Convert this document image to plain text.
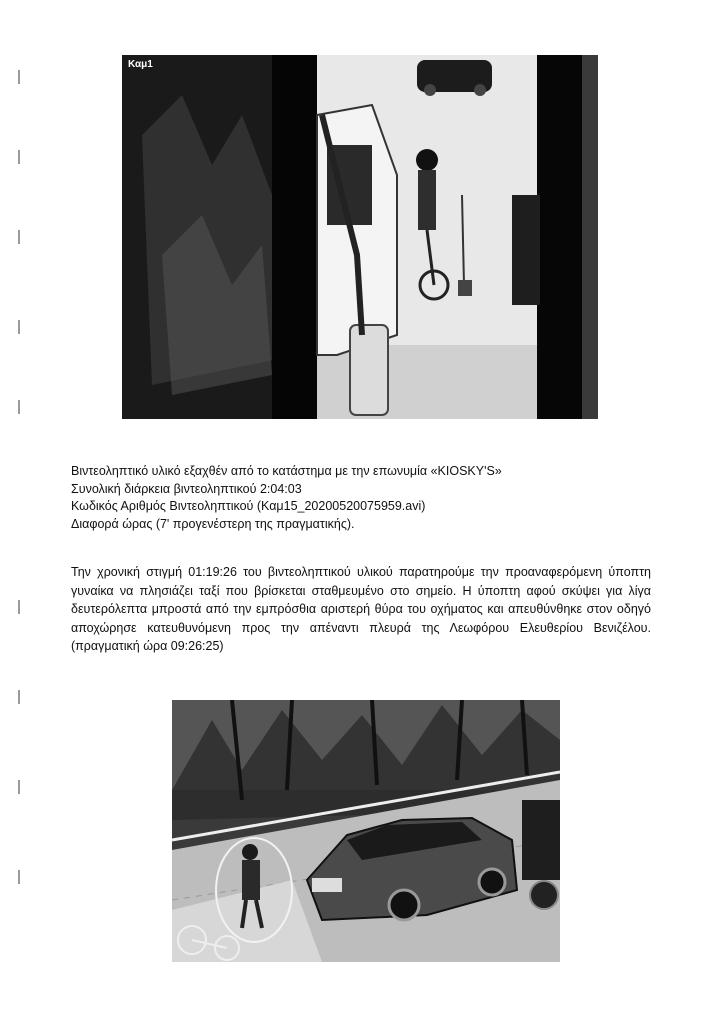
Καμ1
Βιντεοληπτικό υλικό εξαχθέν από το κατάστημα με την επωνυμία «KIOSKY'S»
Συνολική διάρκεια βιντεοληπτικού 2:04:03
Κωδικός Αριθμός Βιντεοληπτικού (Καμ15_20200520075959.avi)
Διαφορά ώρας (7' προγενέστερη της πραγματικής).
Την χρονική στιγμή 01:19:26 του βιντεοληπτικού υλικού παρατηρούμε την προαναφερόμενη ύποπτη γυναίκα να πλησιάζει ταξί που βρίσκεται σταθμευμένο στο σημείο. Η ύποπτη αφού σκύψει για λίγα δευτερόλεπτα μπροστά από την εμπρόσθια αριστερή θύρα του οχήματος και απευθύνθηκε στον οδηγό αποχώρησε κατευθυνόμενη προς την απέναντι πλευρά της Λεωφόρου Ελευθερίου Βενιζέλου. (πραγματική ώρα 09:26:25)
